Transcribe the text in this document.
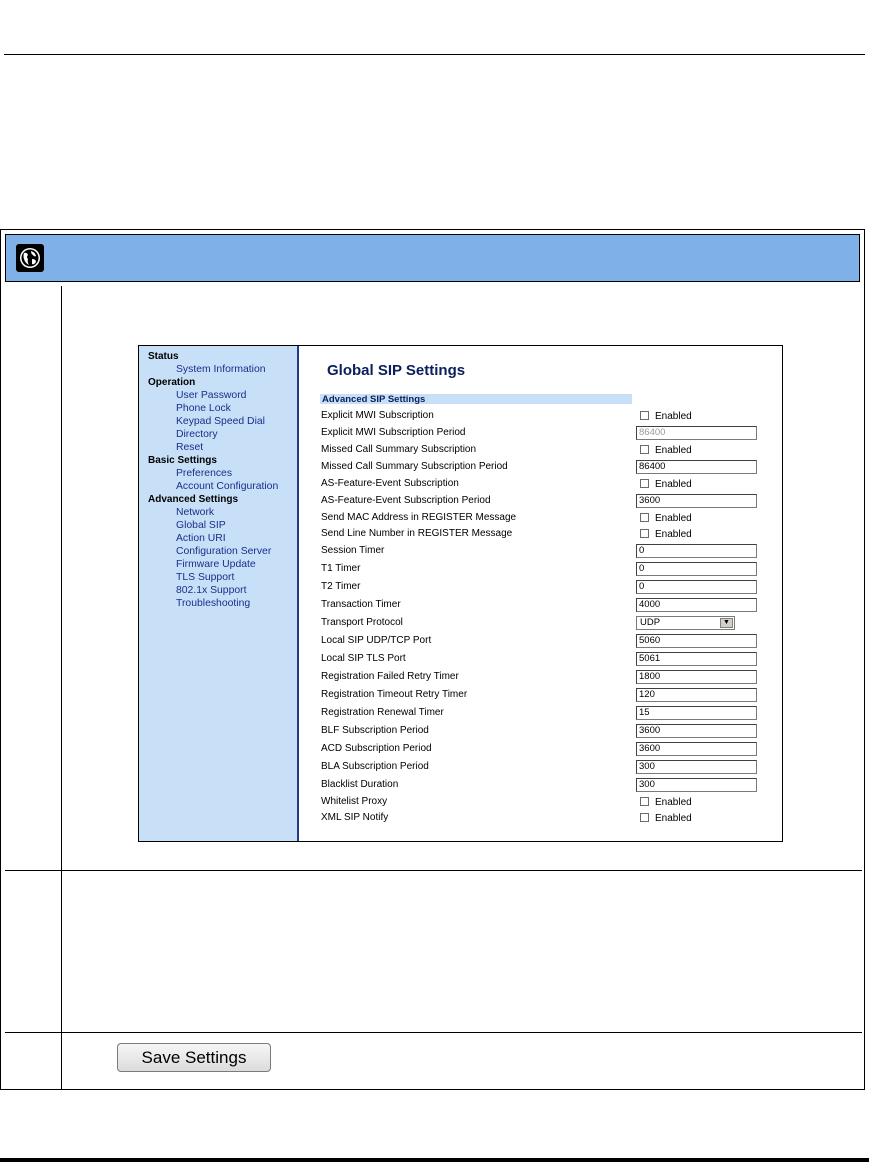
Status
System Information
Operation
User Password
Phone Lock
Keypad Speed Dial
Directory
Reset
Basic Settings
Preferences
Account Configuration
Advanced Settings
Network
Global SIP
Action URI
Configuration Server
Firmware Update
TLS Support
802.1x Support
Troubleshooting
Global SIP Settings
Advanced SIP Settings
Explicit MWI Subscription	Enabled
Explicit MWI Subscription Period	86400
Missed Call Summary Subscription	Enabled
Missed Call Summary Subscription Period	86400
AS-Feature-Event Subscription	Enabled
AS-Feature-Event Subscription Period	3600
Send MAC Address in REGISTER Message	Enabled
Send Line Number in REGISTER Message	Enabled
Session Timer	0
T1 Timer	0
T2 Timer	0
Transaction Timer	4000
Transport Protocol	UDP	▼
Local SIP UDP/TCP Port	5060
Local SIP TLS Port	5061
Registration Failed Retry Timer	1800
Registration Timeout Retry Timer	120
Registration Renewal Timer	15
BLF Subscription Period	3600
ACD Subscription Period	3600
BLA Subscription Period	300
Blacklist Duration	300
Whitelist Proxy	Enabled
XML SIP Notify	Enabled
Save Settings
